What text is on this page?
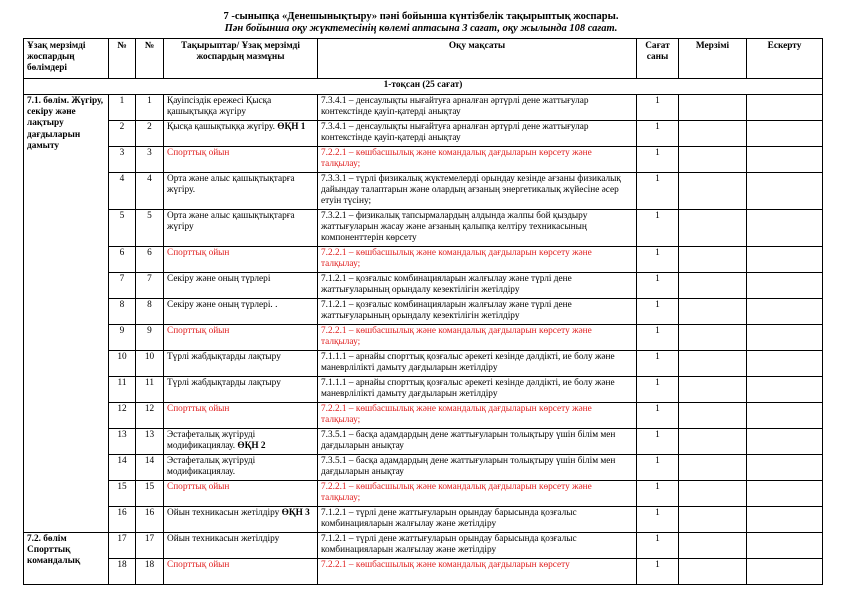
7 -сыныпқа «Денешынықтыру» пәні бойынша күнтізбелік тақырыптық жоспары.
Пән бойынша оқу жүктемесінің көлемі аптасына 3 сағат, оқу жылында 108 сағат.
Ұзақ мерзімді жоспардың бөлімдері	№	№	Тақырыптар/ Ұзақ мерзімді жоспардың мазмұны	Оқу мақсаты	Сағат саны	Мерзімі	Ескерту
1-тоқсан (25 сағат)							
7.1. бөлім. Жүгіру, секіру және лақтыру дағдыларын дамыту	1	1	Қауіпсіздік ережесі Қысқа қашықтыққа жүгіру	7.3.4.1 – денсаулықты нығайтуға арналған әртүрлі дене жаттығулар контекстінде қауіп-қатерді анықтау	1		
	2	2	Қысқа қашықтыққа жүгіру. ӨҚН 1	7.3.4.1 – денсаулықты нығайтуға арналған әртүрлі дене жаттығулар контекстінде қауіп-қатерді анықтау	1		
	3	3	Спорттық ойын	7.2.2.1 – көшбасшылық және командалық дағдыларын көрсету және талқылау;	1		
	4	4	Орта және алыс қашықтықтарға жүгіру.	7.3.3.1 – түрлі физикалық жүктемелерді орындау кезінде ағзаны физикалық дайындау талаптарын және олардың ағзаның энергетикалық жүйесіне әсер етуін түсіну;	1		
	5	5	Орта және алыс қашықтықтарға жүгіру	7.3.2.1 – физикалық тапсырмалардың алдында жалпы бой қыздыру жаттығуларын жасау және ағзаның қалыпқа келтіру техникасының компоненттерін көрсету	1		
	6	6	Спорттық ойын	7.2.2.1 – көшбасшылық және командалық дағдыларын көрсету және талқылау;	1		
	7	7	Секіру және оның түрлері	7.1.2.1 – қозғалыс комбинацияларын жалғылау және түрлі дене жаттығуларының орындалу кезектілігін жетілдіру	1		
	8	8	Секіру және оның түрлері. .	7.1.2.1 – қозғалыс комбинацияларын жалғылау және түрлі дене жаттығуларының орындалу кезектілігін жетілдіру	1		
	9	9	Спорттық ойын	7.2.2.1 – көшбасшылық және командалық дағдыларын көрсету және талқылау;	1		
	10	10	Түрлі жабдықтарды лақтыру	7.1.1.1 – арнайы спорттық қозғалыс әрекеті кезінде дәлдікті, ие болу және маневрлілікті дамыту дағдыларын жетілдіру	1		
	11	11	Түрлі жабдықтарды лақтыру	7.1.1.1 – арнайы спорттық қозғалыс әрекеті кезінде дәлдікті, ие болу және маневрлілікті дамыту дағдыларын жетілдіру	1		
	12	12	Спорттық ойын	7.2.2.1 – көшбасшылық және командалық дағдыларын көрсету және талқылау;	1		
	13	13	Эстафеталық жүгіруді модификациялау. ӨҚН 2	7.3.5.1 – басқа адамдардың дене жаттығуларын толықтыру үшін білім мен дағдыларын анықтау	1		
	14	14	Эстафеталық жүгіруді модификациялау.	7.3.5.1 – басқа адамдардың дене жаттығуларын толықтыру үшін білім мен дағдыларын анықтау	1		
	15	15	Спорттық ойын	7.2.2.1 – көшбасшылық және командалық дағдыларын көрсету және талқылау;	1		
	16	16	Ойын техникасын жетілдіру ӨҚН 3	7.1.2.1 – түрлі дене жаттығуларын орындау барысында қозғалыс комбинацияларын жалғылау және жетілдіру	1		
7.2. бөлім Спорттық командалық	17	17	Ойын техникасын жетілдіру	7.1.2.1 – түрлі дене жаттығуларын орындау барысында қозғалыс комбинацияларын жалғылау және жетілдіру	1		
	18	18	Спорттық ойын	7.2.2.1 – көшбасшылық және командалық дағдыларын көрсету	1		
